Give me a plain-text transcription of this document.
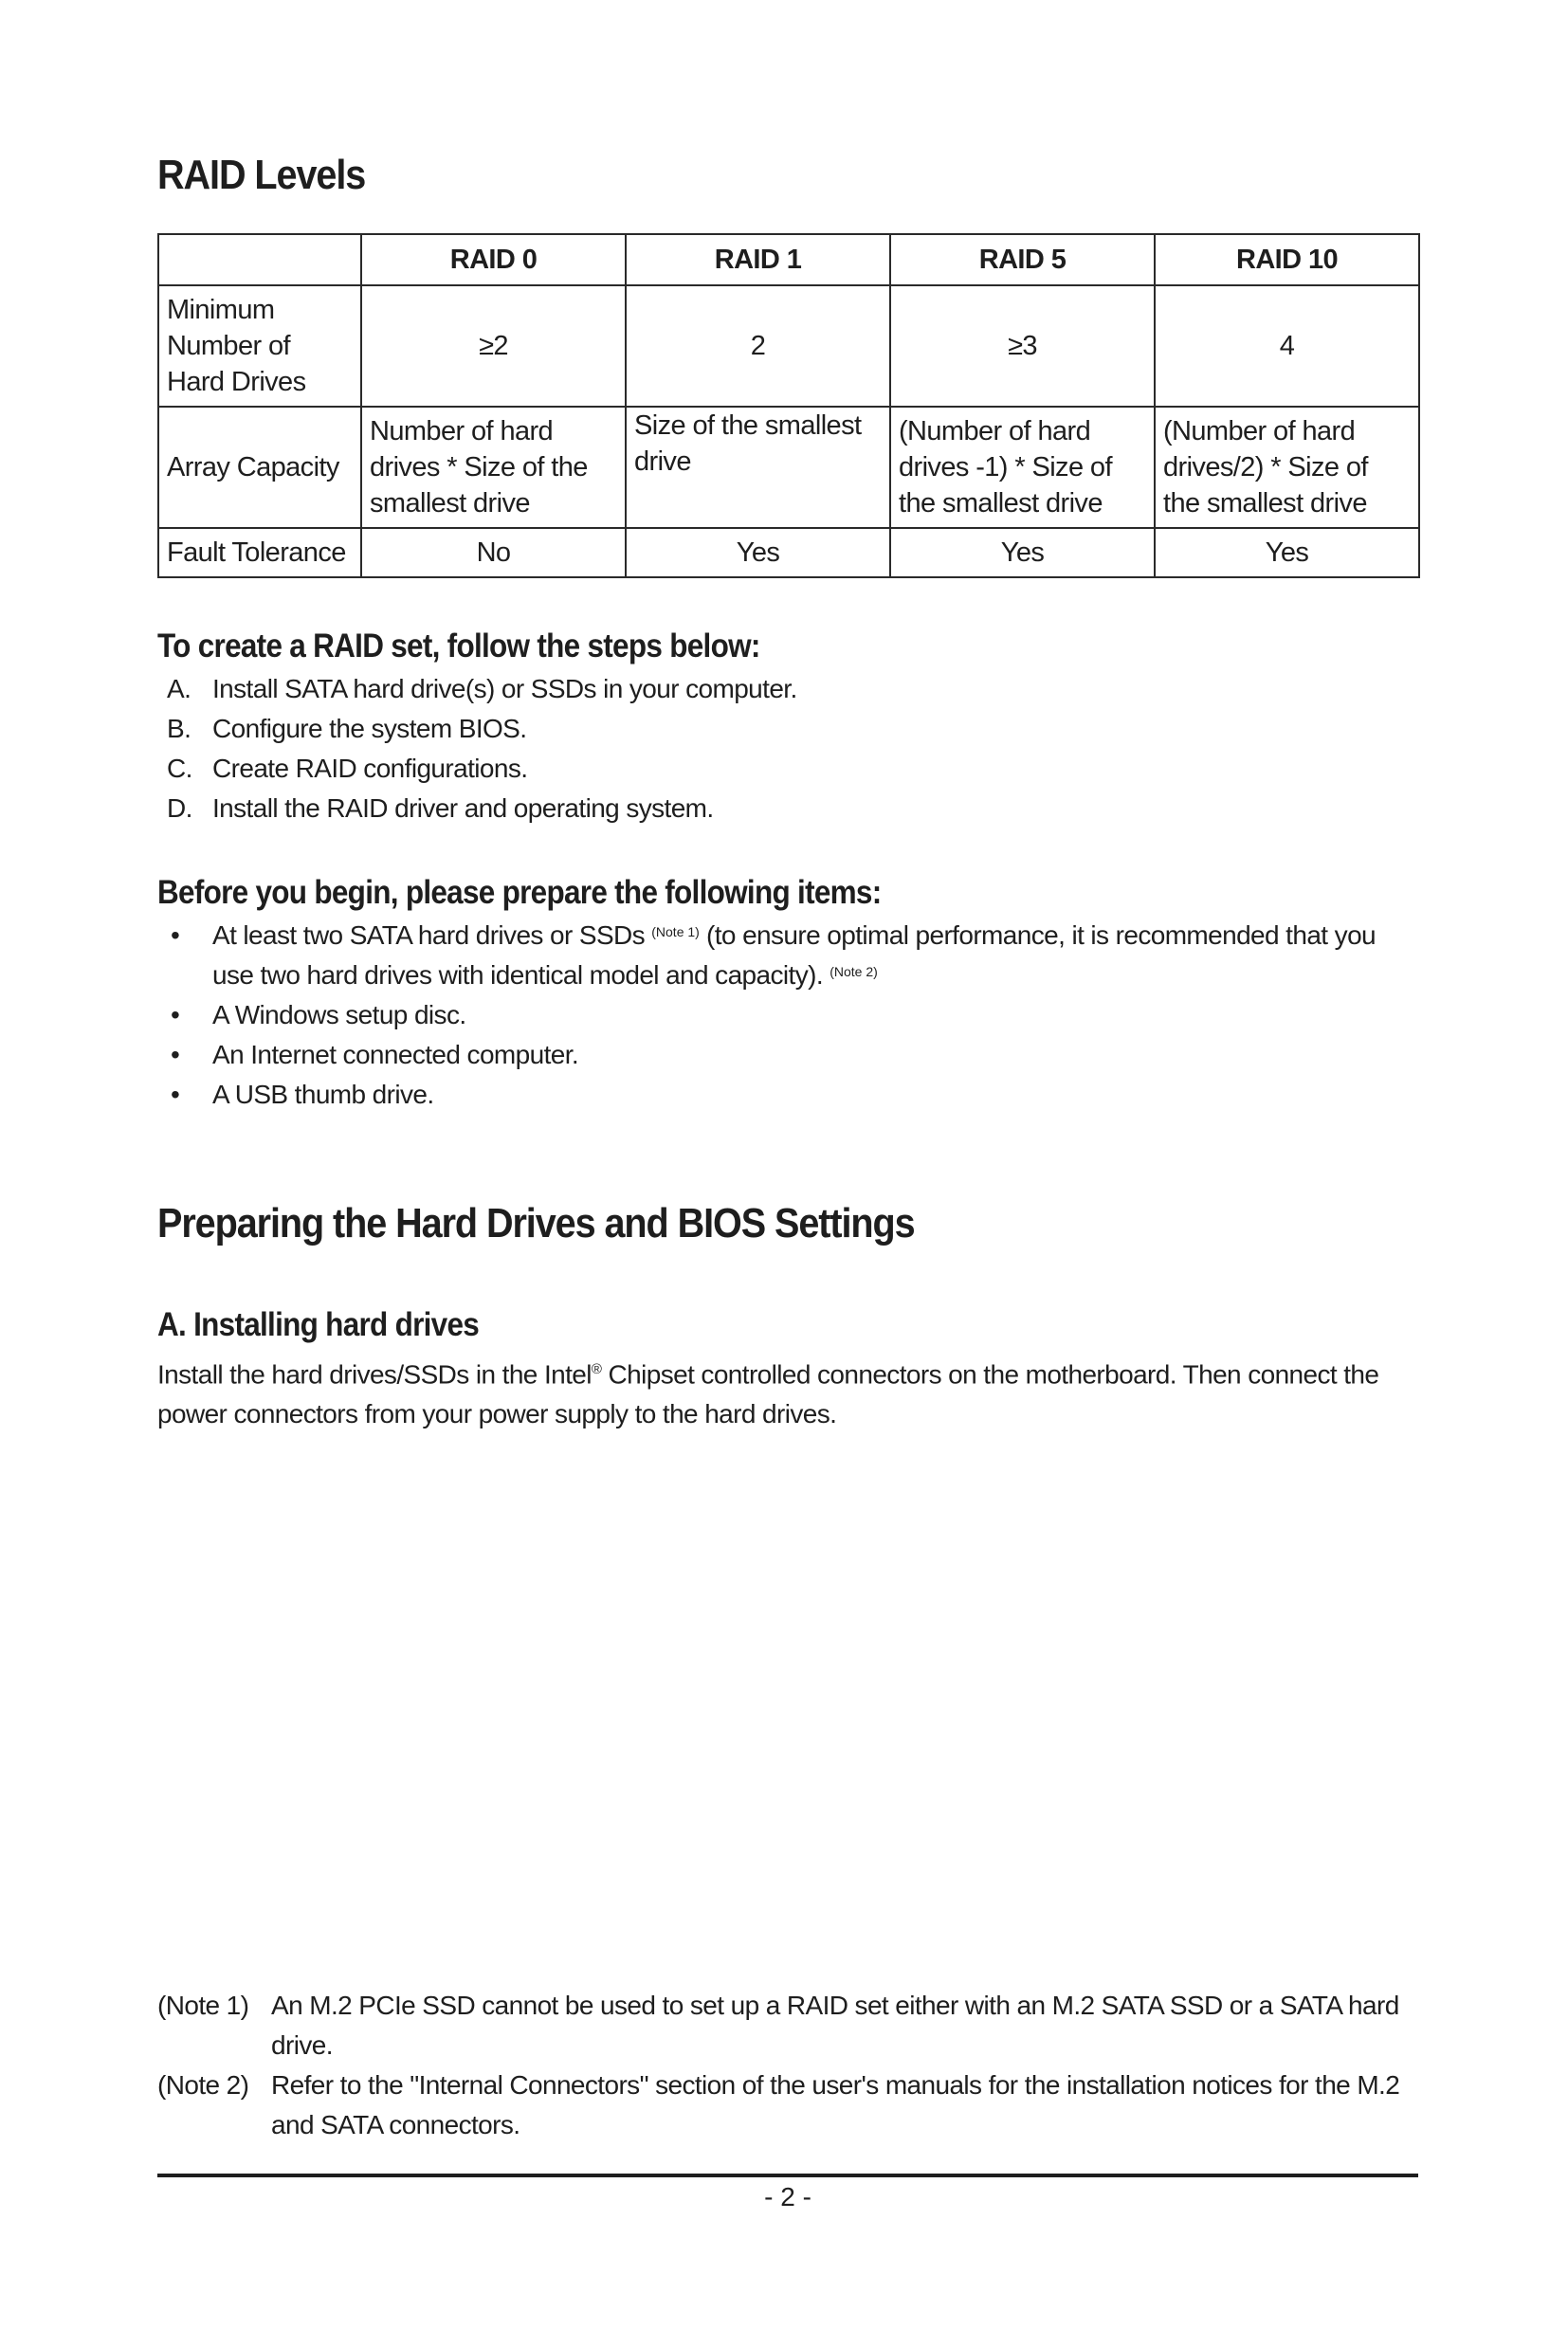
RAID Levels
	RAID 0	RAID 1	RAID 5	RAID 10
Minimum Number of Hard Drives	≥2	2	≥3	4
Array Capacity	Number of hard drives * Size of the smallest drive	Size of the smallest drive	(Number of hard drives -1) * Size of the smallest drive	(Number of hard drives/2) * Size of the smallest drive
Fault Tolerance	No	Yes	Yes	Yes
To create a RAID set, follow the steps below:
A. Install SATA hard drive(s) or SSDs in your computer.
B. Configure the system BIOS.
C. Create RAID configurations.
D. Install the RAID driver and operating system.
Before you begin, please prepare the following items:
• At least two SATA hard drives or SSDs $^{(Note 1)}$ (to ensure optimal performance, it is recommended that you use two hard drives with identical model and capacity). $^{(Note 2)}$
• A Windows setup disc.
• An Internet connected computer.
• A USB thumb drive.
Preparing the Hard Drives and BIOS Settings
A. Installing hard drives
Install the hard drives/SSDs in the Intel® Chipset controlled connectors on the motherboard. Then connect the power connectors from your power supply to the hard drives.
(Note 1) An M.2 PCIe SSD cannot be used to set up a RAID set either with an M.2 SATA SSD or a SATA hard drive.
(Note 2) Refer to the "Internal Connectors" section of the user's manuals for the installation notices for the M.2 and SATA connectors.
- 2 -
